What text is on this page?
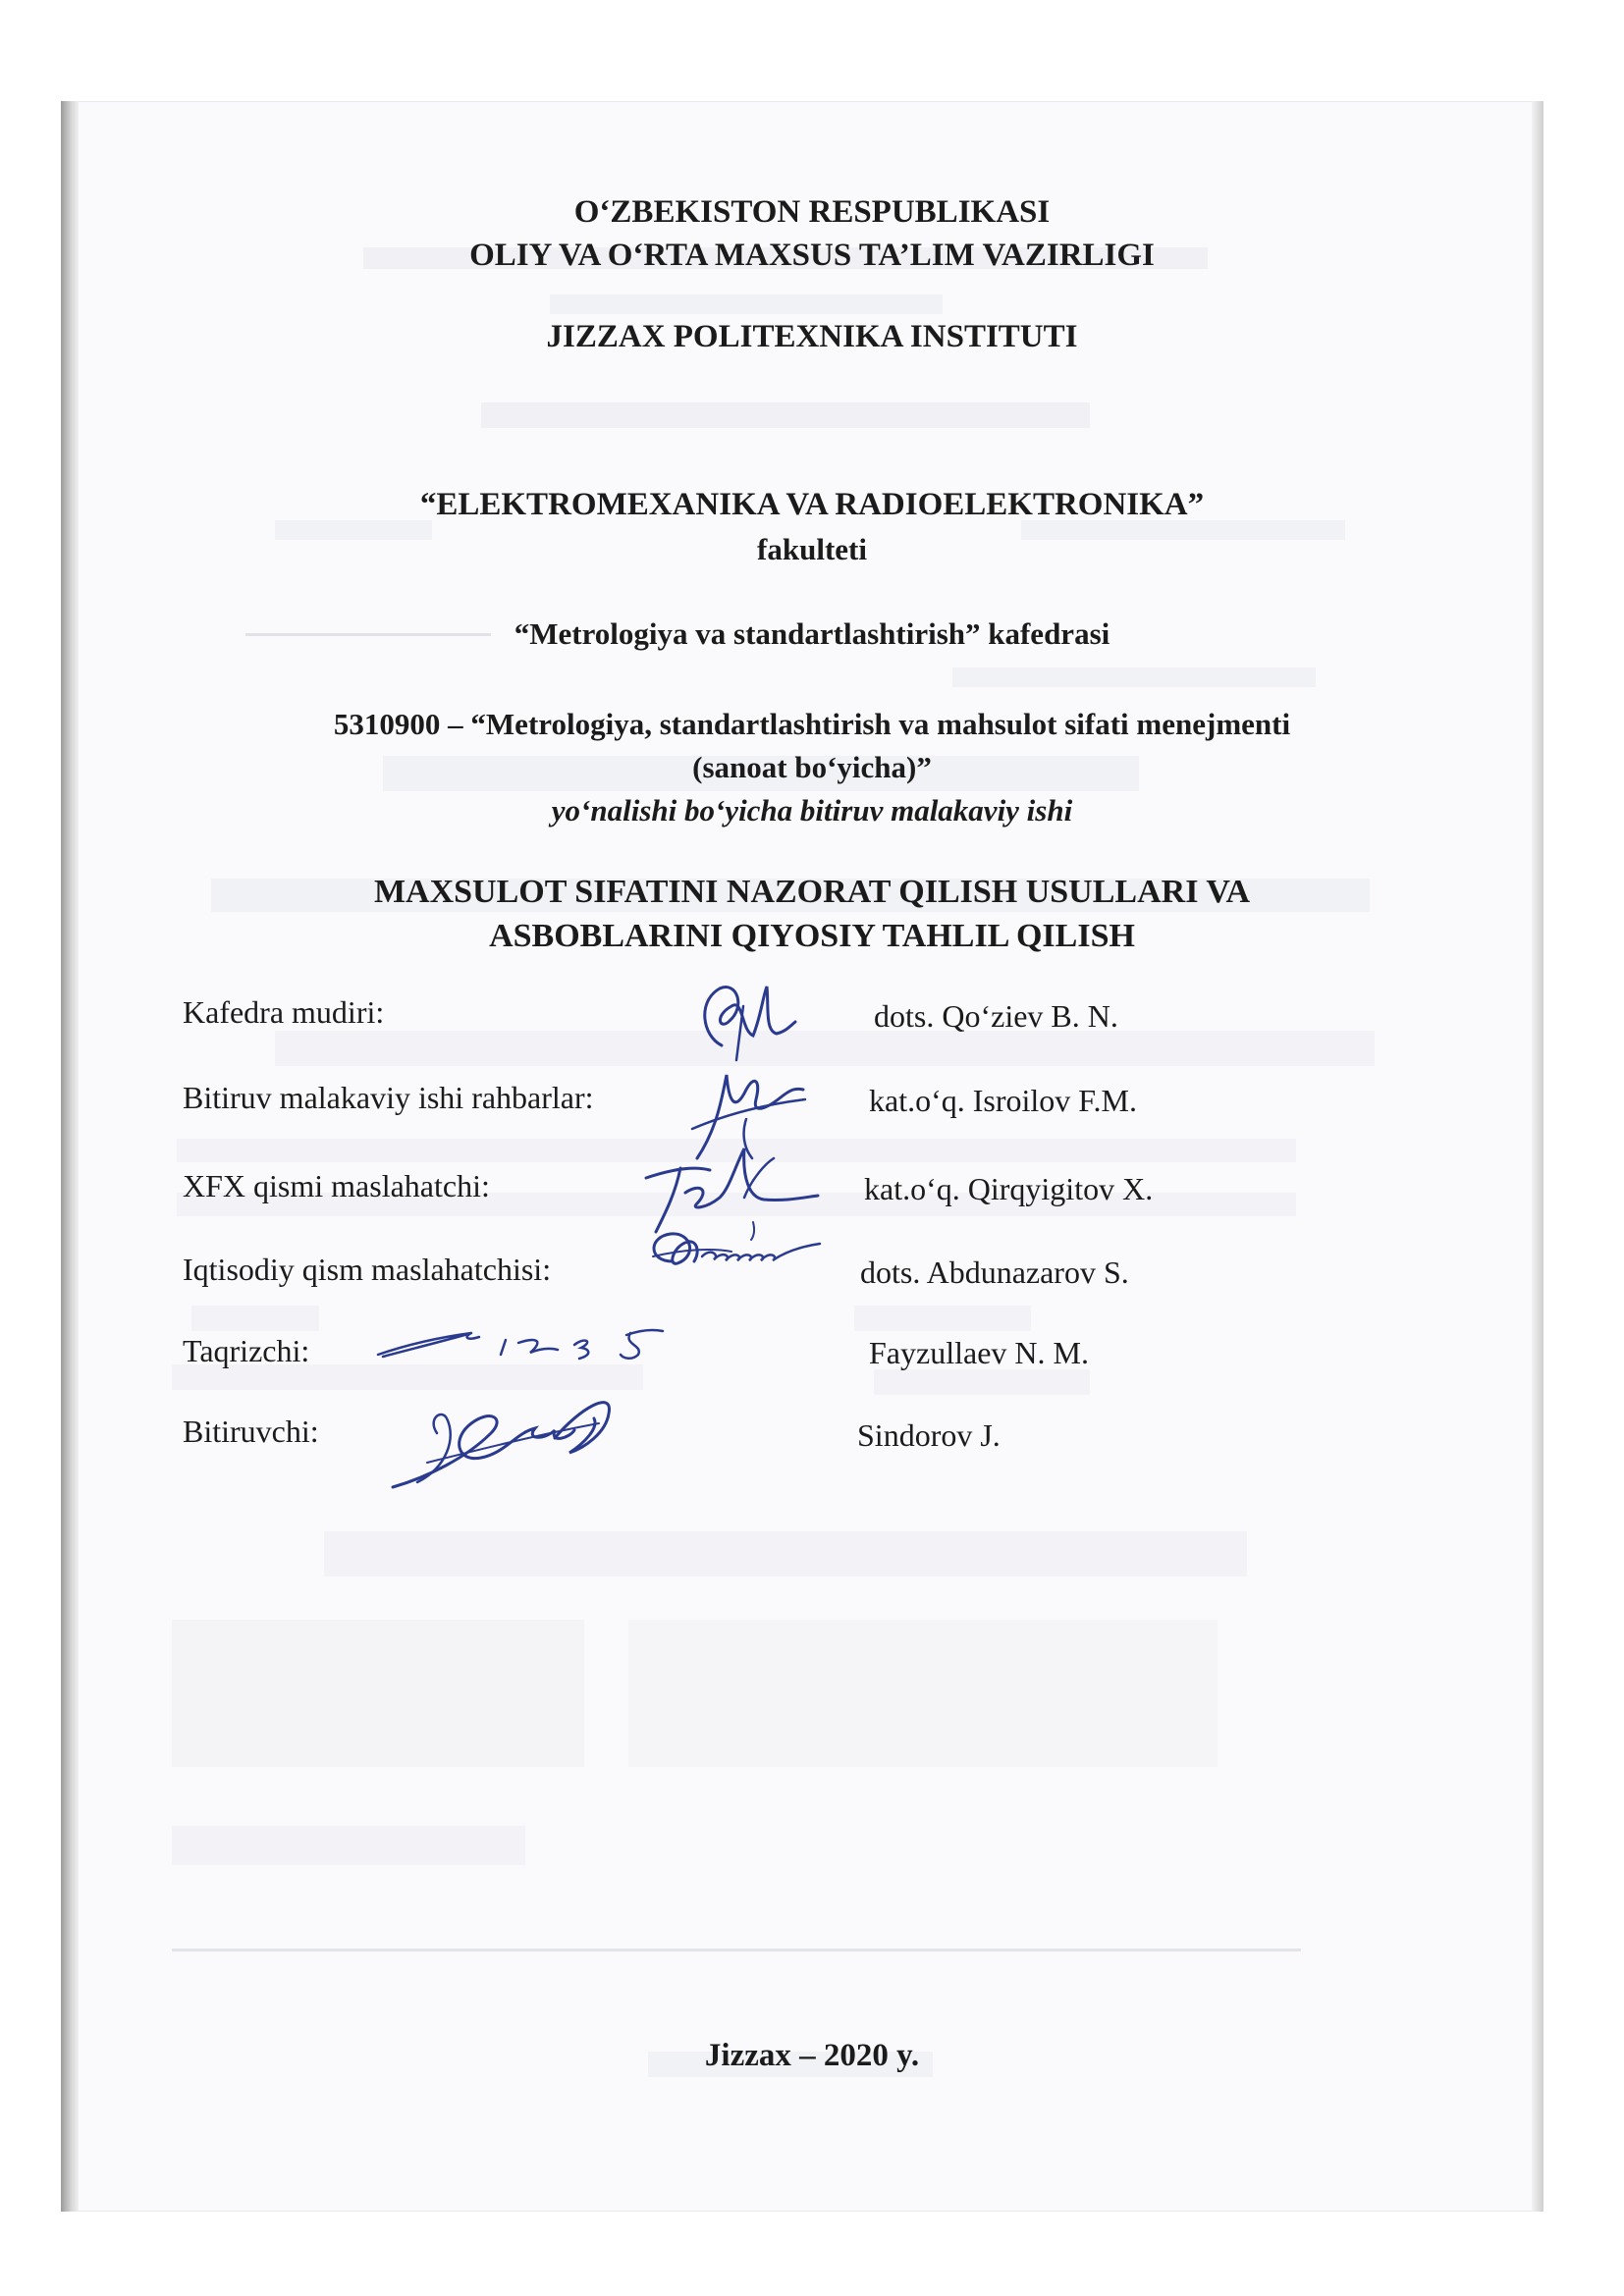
O‘ZBEKISTON RESPUBLIKASI
OLIY VA O‘RTA MAXSUS TA’LIM VAZIRLIGI
JIZZAX POLITEXNIKA INSTITUTI
“ELEKTROMEXANIKA VA RADIOELEKTRONIKA”
fakulteti
“Metrologiya va standartlashtirish” kafedrasi
5310900 – “Metrologiya, standartlashtirish va mahsulot sifati menejmenti
(sanoat bo‘yicha)”
yo‘nalishi bo‘yicha bitiruv malakaviy ishi
MAXSULOT SIFATINI NAZORAT QILISH USULLARI VA
ASBOBLARINI QIYOSIY TAHLIL QILISH
Kafedra mudiri:	dots. Qo‘ziev B. N.
Bitiruv malakaviy ishi rahbarlar:	kat.o‘q. Isroilov F.M.
XFX qismi maslahatchi:	kat.o‘q. Qirqyigitov X.
Iqtisodiy qism maslahatchisi:	dots. Abdunazarov S.
Taqrizchi:	Fayzullaev N. M.
Bitiruvchi:	Sindorov J.
Jizzax – 2020 y.
